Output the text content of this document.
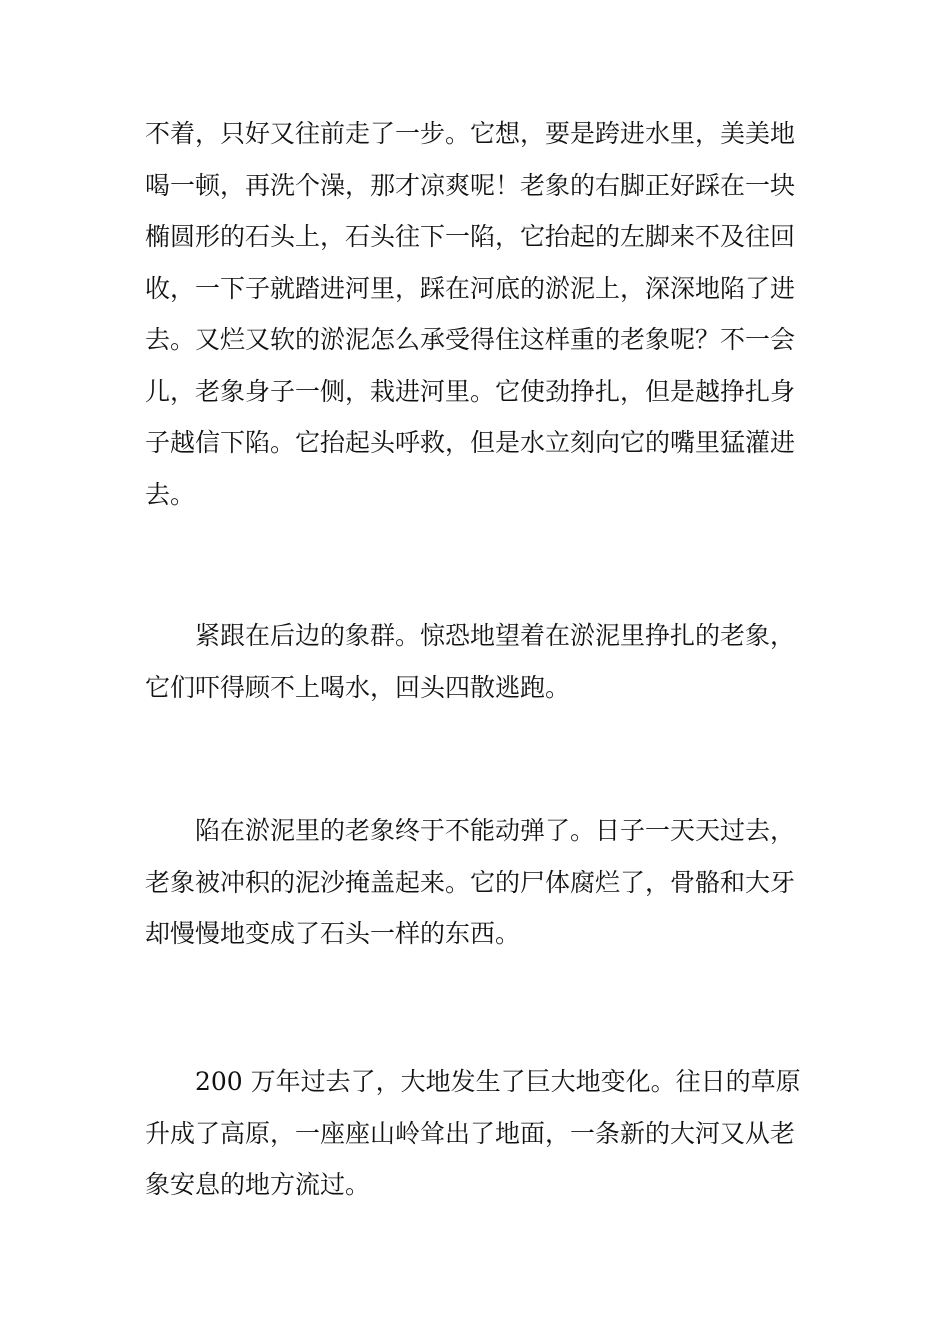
不着，只好又往前走了一步。它想，要是跨进水里，美美地
喝一顿，再洗个澡，那才凉爽呢！老象的右脚正好踩在一块
椭圆形的石头上，石头往下一陷，它抬起的左脚来不及往回
收，一下子就踏进河里，踩在河底的淤泥上，深深地陷了进
去。又烂又软的淤泥怎么承受得住这样重的老象呢？不一会
儿，老象身子一侧，栽进河里。它使劲挣扎，但是越挣扎身
子越信下陷。它抬起头呼救，但是水立刻向它的嘴里猛灌进
去。
紧跟在后边的象群。惊恐地望着在淤泥里挣扎的老象，
它们吓得顾不上喝水，回头四散逃跑。
陷在淤泥里的老象终于不能动弹了。日子一天天过去，
老象被冲积的泥沙掩盖起来。它的尸体腐烂了，骨骼和大牙
却慢慢地变成了石头一样的东西。
200 万年过去了，大地发生了巨大地变化。往日的草原
升成了高原，一座座山岭耸出了地面，一条新的大河又从老
象安息的地方流过。
